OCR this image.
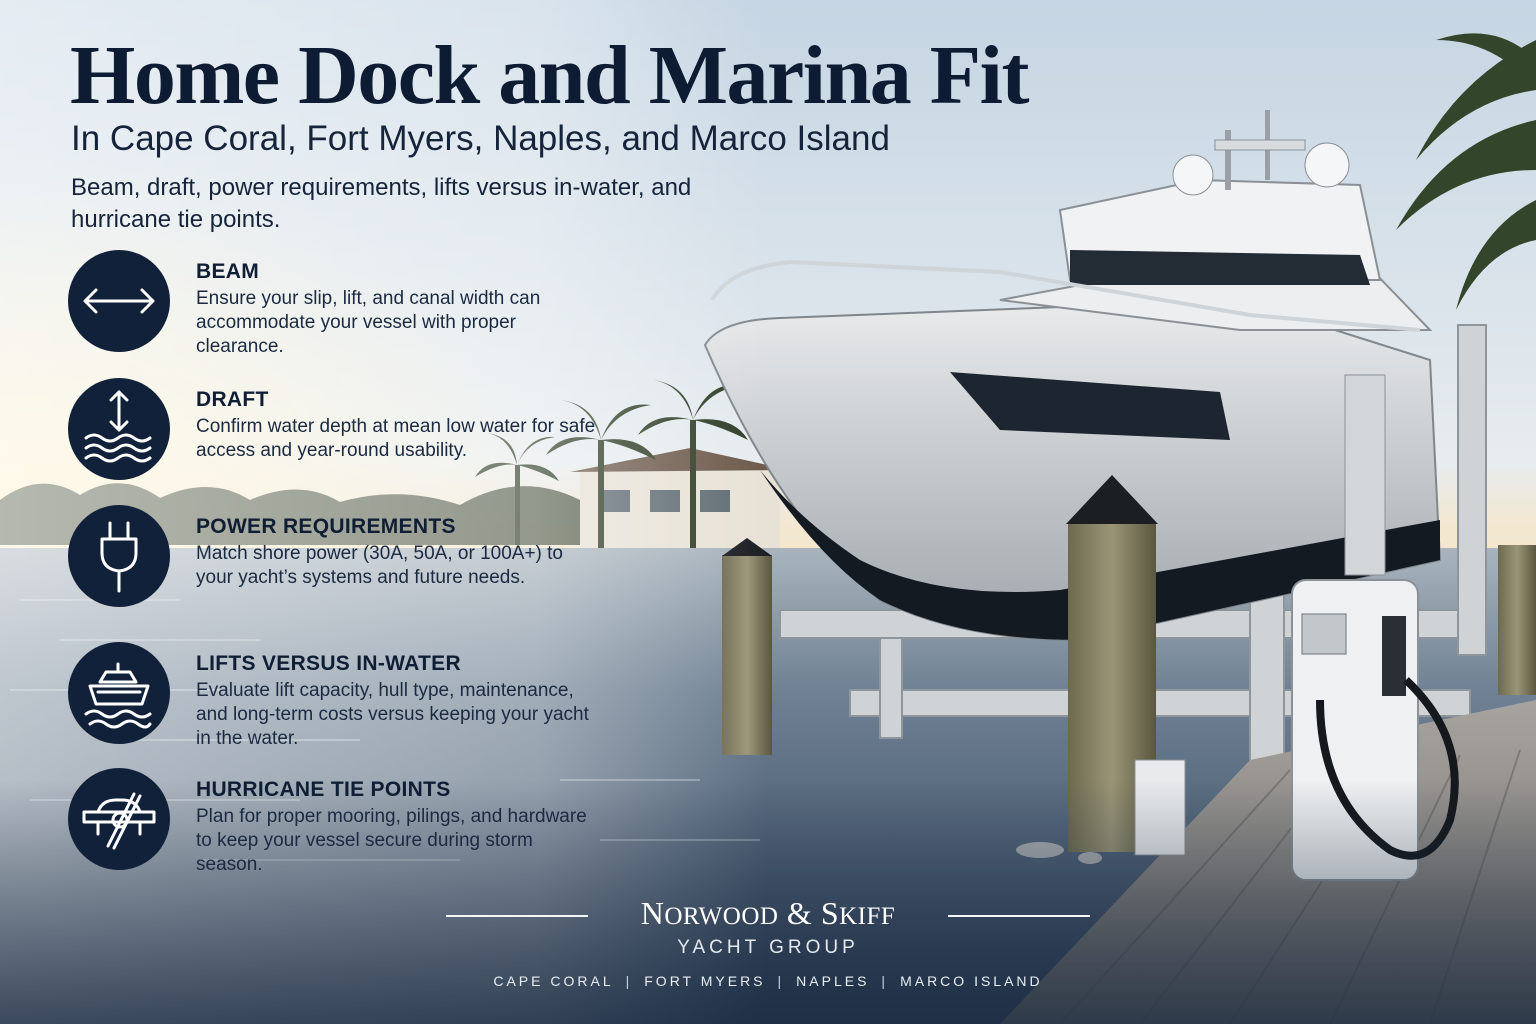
Home Dock and Marina Fit
In Cape Coral, Fort Myers, Naples, and Marco Island
Beam, draft, power requirements, lifts versus in-water, and hurricane tie points.
BEAM
Ensure your slip, lift, and canal width can accommodate your vessel with proper clearance.
DRAFT
Confirm water depth at mean low water for safe access and year-round usability.
POWER REQUIREMENTS
Match shore power (30A, 50A, or 100A+) to your yacht’s systems and future needs.
LIFTS VERSUS IN-WATER
Evaluate lift capacity, hull type, maintenance, and long-term costs versus keeping your yacht in the water.
HURRICANE TIE POINTS
Plan for proper mooring, pilings, and hardware to keep your vessel secure during storm season.
NORWOOD & SKIFF
YACHT GROUP
CAPE CORAL | FORT MYERS | NAPLES | MARCO ISLAND
